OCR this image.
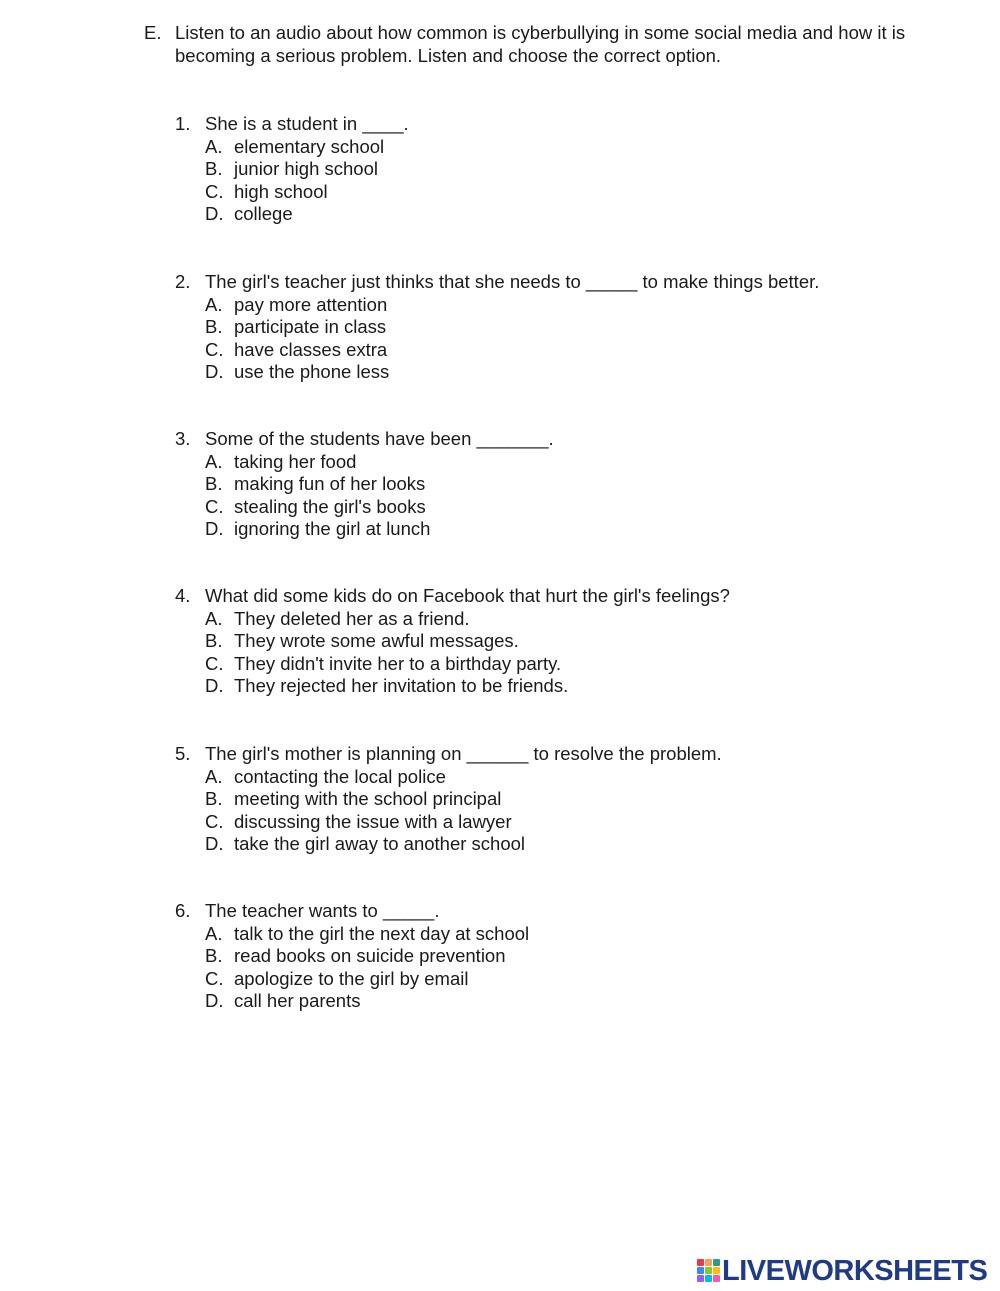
E. Listen to an audio about how common is cyberbullying in some social media and how it is becoming a serious problem. Listen and choose the correct option.
1. She is a student in ____.
A. elementary school
B. junior high school
C. high school
D. college
2. The girl's teacher just thinks that she needs to _____ to make things better.
A. pay more attention
B. participate in class
C. have classes extra
D. use the phone less
3. Some of the students have been _______.
A. taking her food
B. making fun of her looks
C. stealing the girl's books
D. ignoring the girl at lunch
4. What did some kids do on Facebook that hurt the girl's feelings?
A. They deleted her as a friend.
B. They wrote some awful messages.
C. They didn't invite her to a birthday party.
D. They rejected her invitation to be friends.
5. The girl's mother is planning on ______ to resolve the problem.
A. contacting the local police
B. meeting with the school principal
C. discussing the issue with a lawyer
D. take the girl away to another school
6. The teacher wants to _____.
A. talk to the girl the next day at school
B. read books on suicide prevention
C. apologize to the girl by email
D. call her parents
LIVEWORKSHEETS
